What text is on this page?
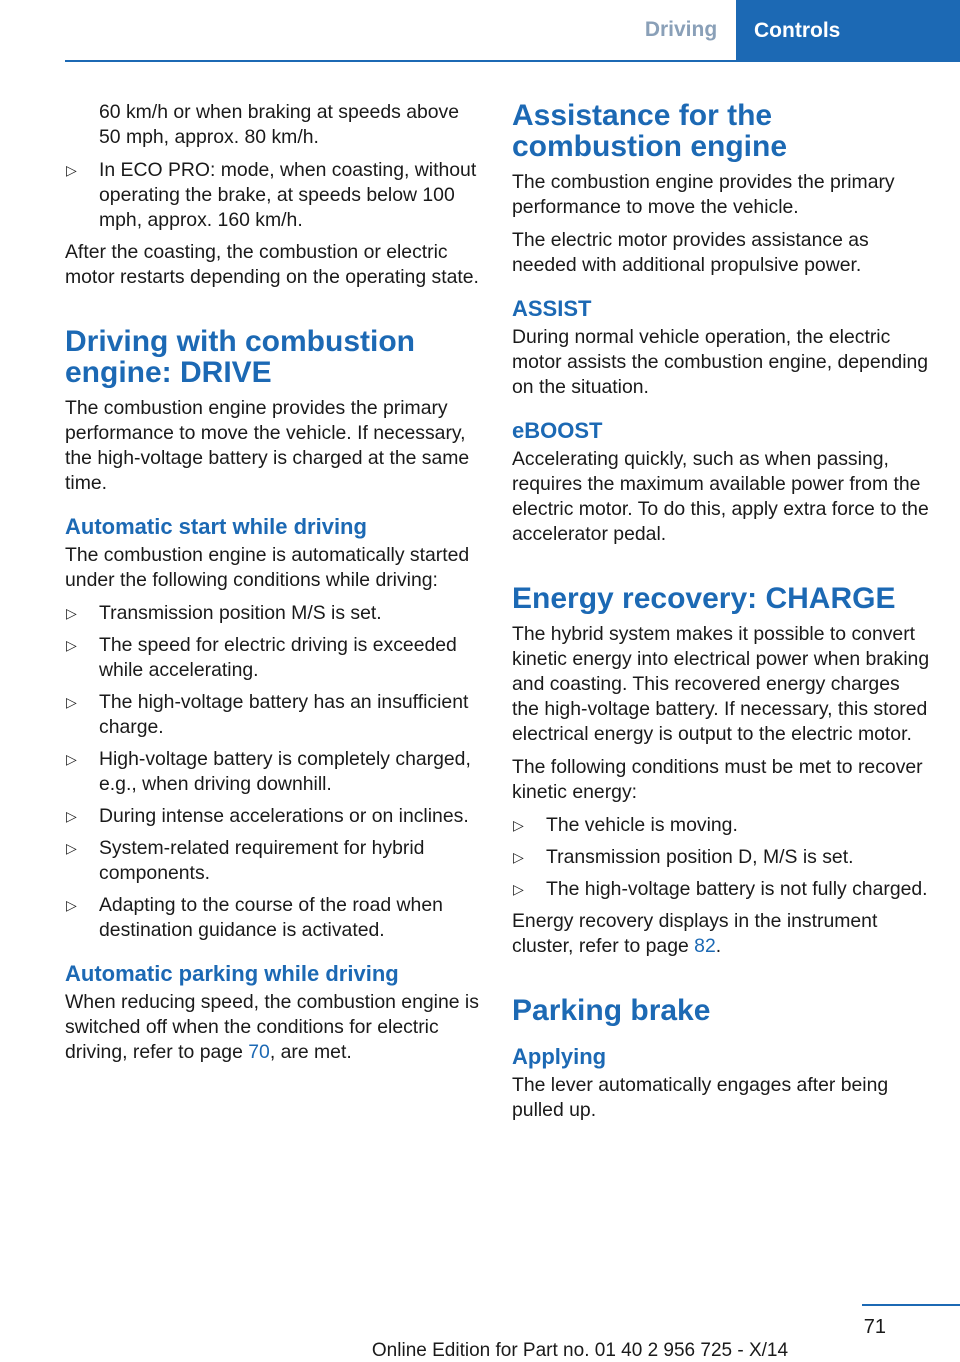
Driving	Controls

60 km/h or when braking at speeds above 50 mph, approx. 80 km/h.

▷ In ECO PRO: mode, when coasting, without operating the brake, at speeds below 100 mph, approx. 160 km/h.

After the coasting, the combustion or electric motor restarts depending on the operating state.

Driving with combustion engine: DRIVE

The combustion engine provides the primary performance to move the vehicle. If necessary, the high-voltage battery is charged at the same time.

Automatic start while driving

The combustion engine is automatically started under the following conditions while driving:

▷ Transmission position M/S is set.
▷ The speed for electric driving is exceeded while accelerating.
▷ The high-voltage battery has an insufficient charge.
▷ High-voltage battery is completely charged, e.g., when driving downhill.
▷ During intense accelerations or on inclines.
▷ System-related requirement for hybrid components.
▷ Adapting to the course of the road when destination guidance is activated.
Automatic parking while driving

When reducing speed, the combustion engine is switched off when the conditions for electric driving, refer to page 70, are met.

Assistance for the combustion engine

The combustion engine provides the primary performance to move the vehicle.

The electric motor provides assistance as needed with additional propulsive power.

ASSIST

During normal vehicle operation, the electric motor assists the combustion engine, depending on the situation.

eBOOST

Accelerating quickly, such as when passing, requires the maximum available power from the electric motor. To do this, apply extra force to the accelerator pedal.

Energy recovery: CHARGE

The hybrid system makes it possible to convert kinetic energy into electrical power when braking and coasting. This recovered energy charges the high-voltage battery. If necessary, this stored electrical energy is output to the electric motor.

The following conditions must be met to recover kinetic energy:

▷ The vehicle is moving.
▷ Transmission position D, M/S is set.
▷ The high-voltage battery is not fully charged.

Energy recovery displays in the instrument cluster, refer to page 82.

Parking brake
Applying

The lever automatically engages after being pulled up.

71
Online Edition for Part no. 01 40 2 956 725 - X/14
